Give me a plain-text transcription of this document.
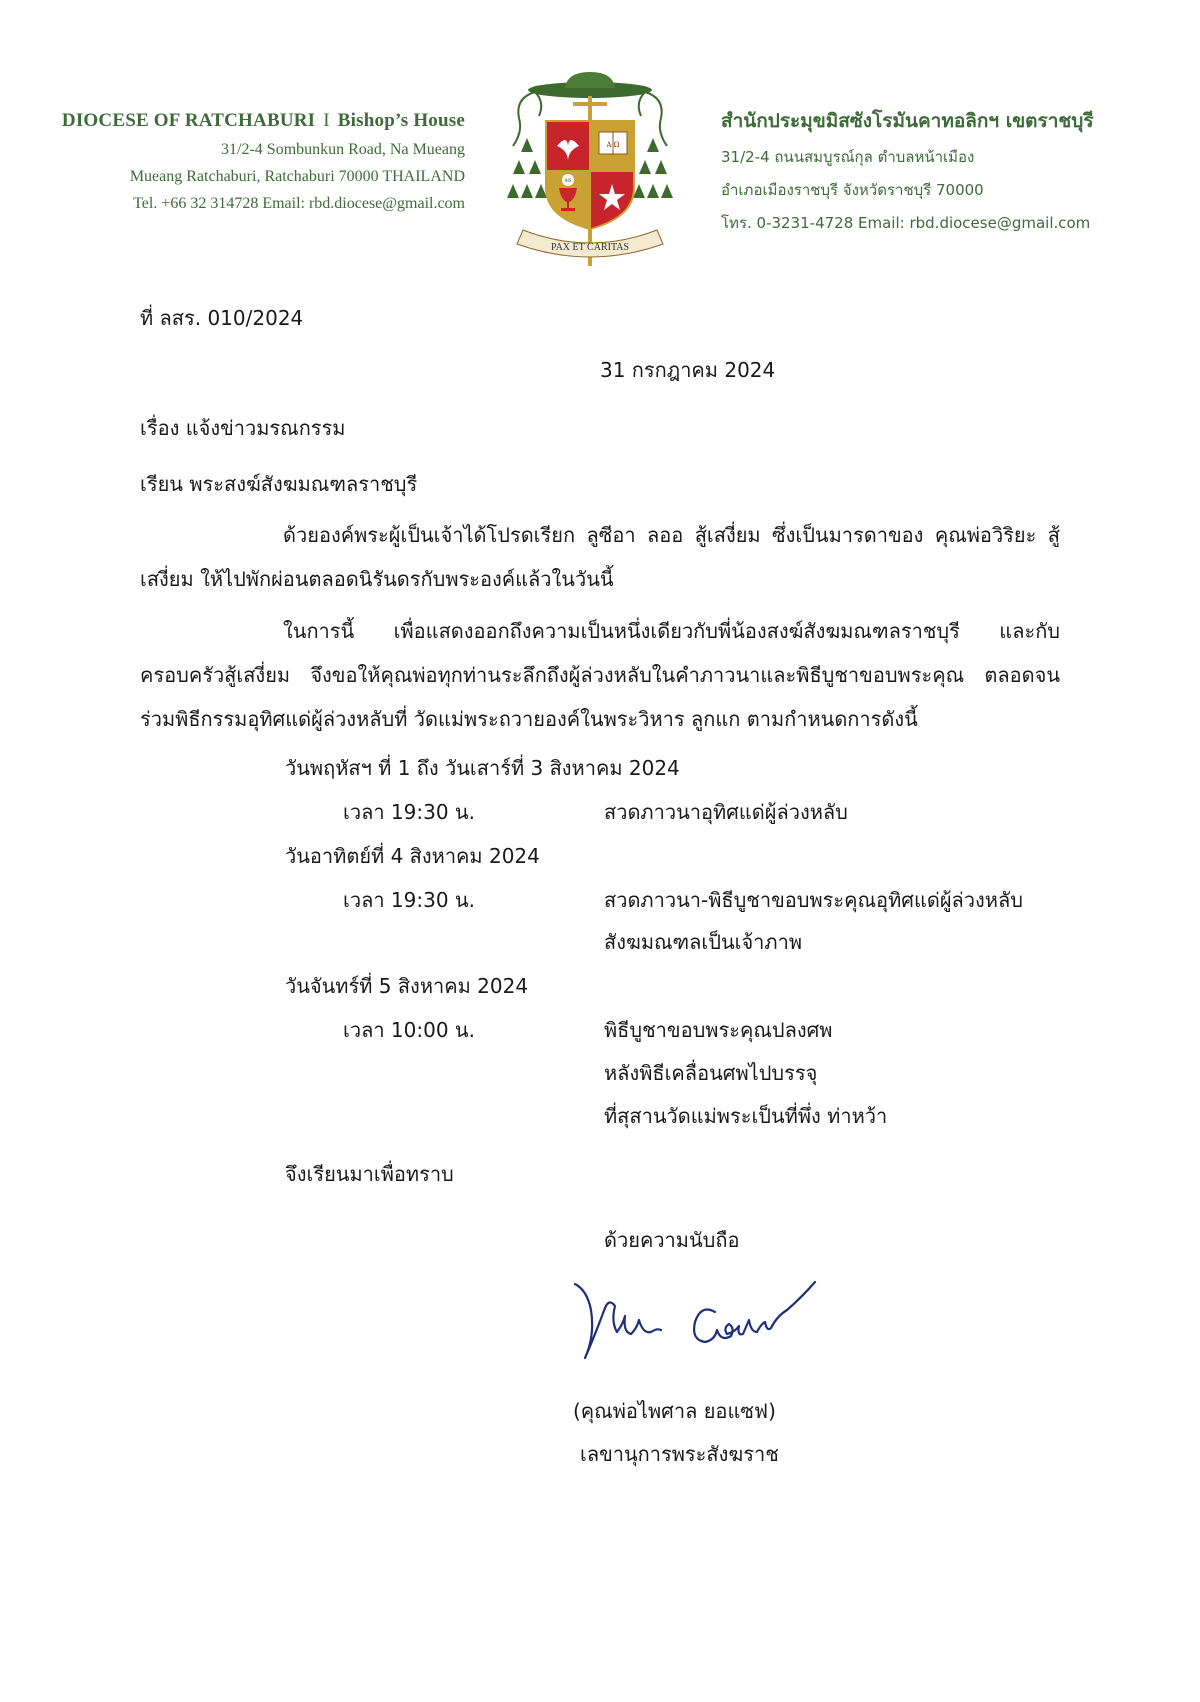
DIOCESE OF RATCHABURI I Bishop’s House
31/2-4 Sombunkun Road, Na Mueang
Mueang Ratchaburi, Ratchaburi 70000 THAILAND
Tel. +66 32 314728 Email: rbd.diocese@gmail.com
A Ω
IHS
PAX ET CARITAS
สำนักประมุขมิสซังโรมันคาทอลิกฯ เขตราชบุรี
31/2-4 ถนนสมบูรณ์กุล ตำบลหน้าเมือง
อำเภอเมืองราชบุรี จังหวัดราชบุรี 70000
โทร. 0-3231-4728 Email: rbd.diocese@gmail.com
ที่ ลสร. 010/2024
31 กรกฎาคม 2024
เรื่อง แจ้งข่าวมรณกรรม
เรียน พระสงฆ์สังฆมณฑลราชบุรี
ด้วยองค์พระผู้เป็นเจ้าได้โปรดเรียก ลูซีอา ลออ สู้เสงี่ยม ซึ่งเป็นมารดาของ คุณพ่อวิริยะ สู้เสงี่ยม ให้ไปพักผ่อนตลอดนิรันดรกับพระองค์แล้วในวันนี้
ในการนี้ เพื่อแสดงออกถึงความเป็นหนึ่งเดียวกับพี่น้องสงฆ์สังฆมณฑลราชบุรี และกับครอบครัวสู้เสงี่ยม จึงขอให้คุณพ่อทุกท่านระลึกถึงผู้ล่วงหลับในคำภาวนาและพิธีบูชาขอบพระคุณ ตลอดจนร่วมพิธีกรรมอุทิศแด่ผู้ล่วงหลับที่ วัดแม่พระถวายองค์ในพระวิหาร ลูกแก ตามกำหนดการดังนี้
วันพฤหัสฯ ที่ 1 ถึง วันเสาร์ที่ 3 สิงหาคม 2024
เวลา 19:30 น.	สวดภาวนาอุทิศแด่ผู้ล่วงหลับ
วันอาทิตย์ที่ 4 สิงหาคม 2024
เวลา 19:30 น.	สวดภาวนา-พิธีบูชาขอบพระคุณอุทิศแด่ผู้ล่วงหลับ
สังฆมณฑลเป็นเจ้าภาพ
วันจันทร์ที่ 5 สิงหาคม 2024
เวลา 10:00 น.	พิธีบูชาขอบพระคุณปลงศพ
หลังพิธีเคลื่อนศพไปบรรจุ
ที่สุสานวัดแม่พระเป็นที่พึ่ง ท่าหว้า
จึงเรียนมาเพื่อทราบ
ด้วยความนับถือ
(คุณพ่อไพศาล ยอแซฟ)
เลขานุการพระสังฆราช
